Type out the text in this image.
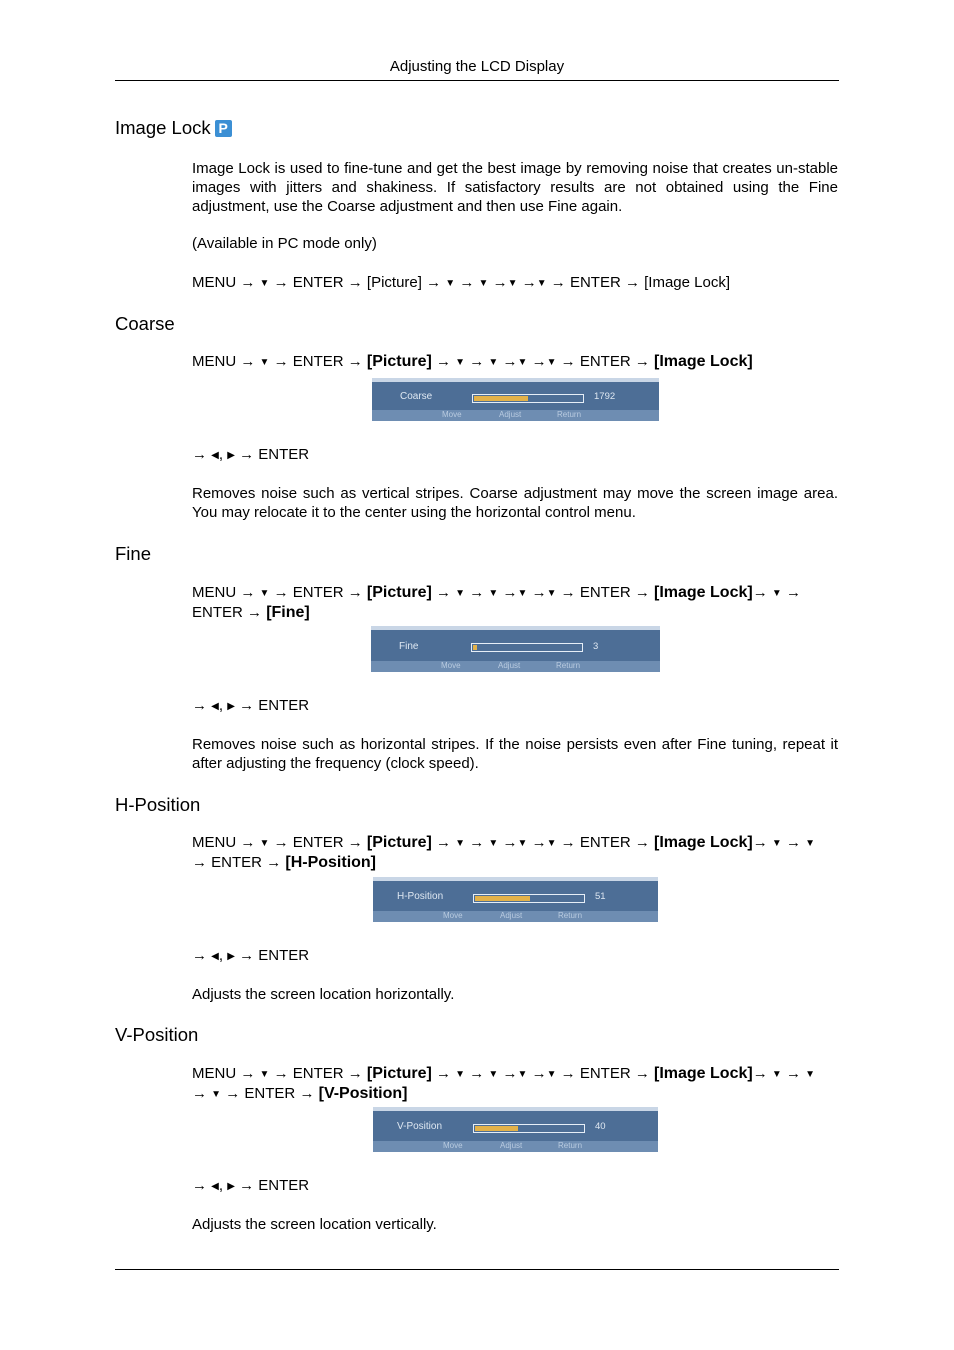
Adjusting the LCD Display
Image Lock P
Image Lock is used to fine-tune and get the best image by removing noise that creates un-stable images with jitters and shakiness. If satisfactory results are not obtained using the Fine adjustment, use the Coarse adjustment and then use Fine again.
(Available in PC mode only)
MENU → ▼ → ENTER → [Picture] → ▼ → ▼ →▼ →▼ → ENTER → [Image Lock]
Coarse
MENU → ▼ → ENTER → [Picture] → ▼ → ▼ →▼ →▼ → ENTER → [Image Lock]
Coarse	1792
Move	Adjust	Return
→ ◀, ▶ → ENTER
Removes noise such as vertical stripes. Coarse adjustment may move the screen image area. You may relocate it to the center using the horizontal control menu.
Fine
MENU → ▼ → ENTER → [Picture] → ▼ → ▼ →▼ →▼ → ENTER → [Image Lock]→ ▼ →
ENTER → [Fine]
Fine	3
Move	Adjust	Return
→ ◀, ▶ → ENTER
Removes noise such as horizontal stripes. If the noise persists even after Fine tuning, repeat it after adjusting the frequency (clock speed).
H-Position
MENU → ▼ → ENTER → [Picture] → ▼ → ▼ →▼ →▼ → ENTER → [Image Lock]→ ▼ → ▼
→ ENTER → [H-Position]
H-Position	51
Move	Adjust	Return
→ ◀, ▶ → ENTER
Adjusts the screen location horizontally.
V-Position
MENU → ▼ → ENTER → [Picture] → ▼ → ▼ →▼ →▼ → ENTER → [Image Lock]→ ▼ → ▼
→ ▼ → ENTER → [V-Position]
V-Position	40
Move	Adjust	Return
→ ◀, ▶ → ENTER
Adjusts the screen location vertically.
